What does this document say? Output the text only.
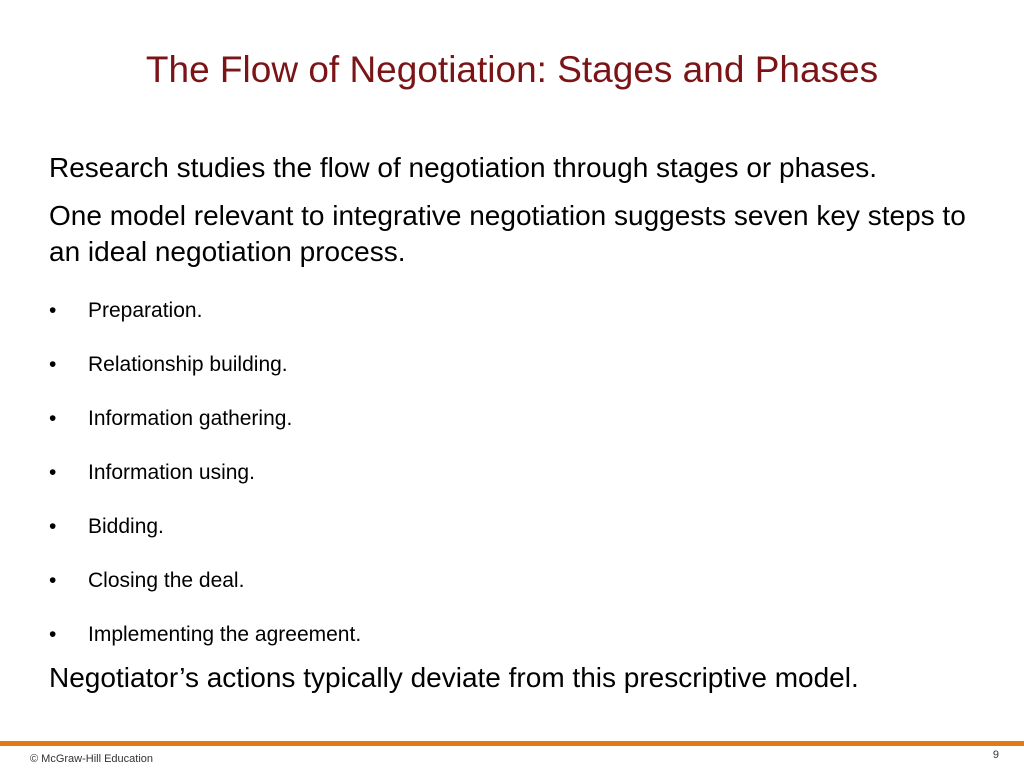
The Flow of Negotiation: Stages and Phases

Research studies the flow of negotiation through stages or phases.

One model relevant to integrative negotiation suggests seven key steps to an ideal negotiation process.

• Preparation.
• Relationship building.
• Information gathering.
• Information using.
• Bidding.
• Closing the deal.
• Implementing the agreement.

Negotiator’s actions typically deviate from this prescriptive model.

© McGraw-Hill Education	9
